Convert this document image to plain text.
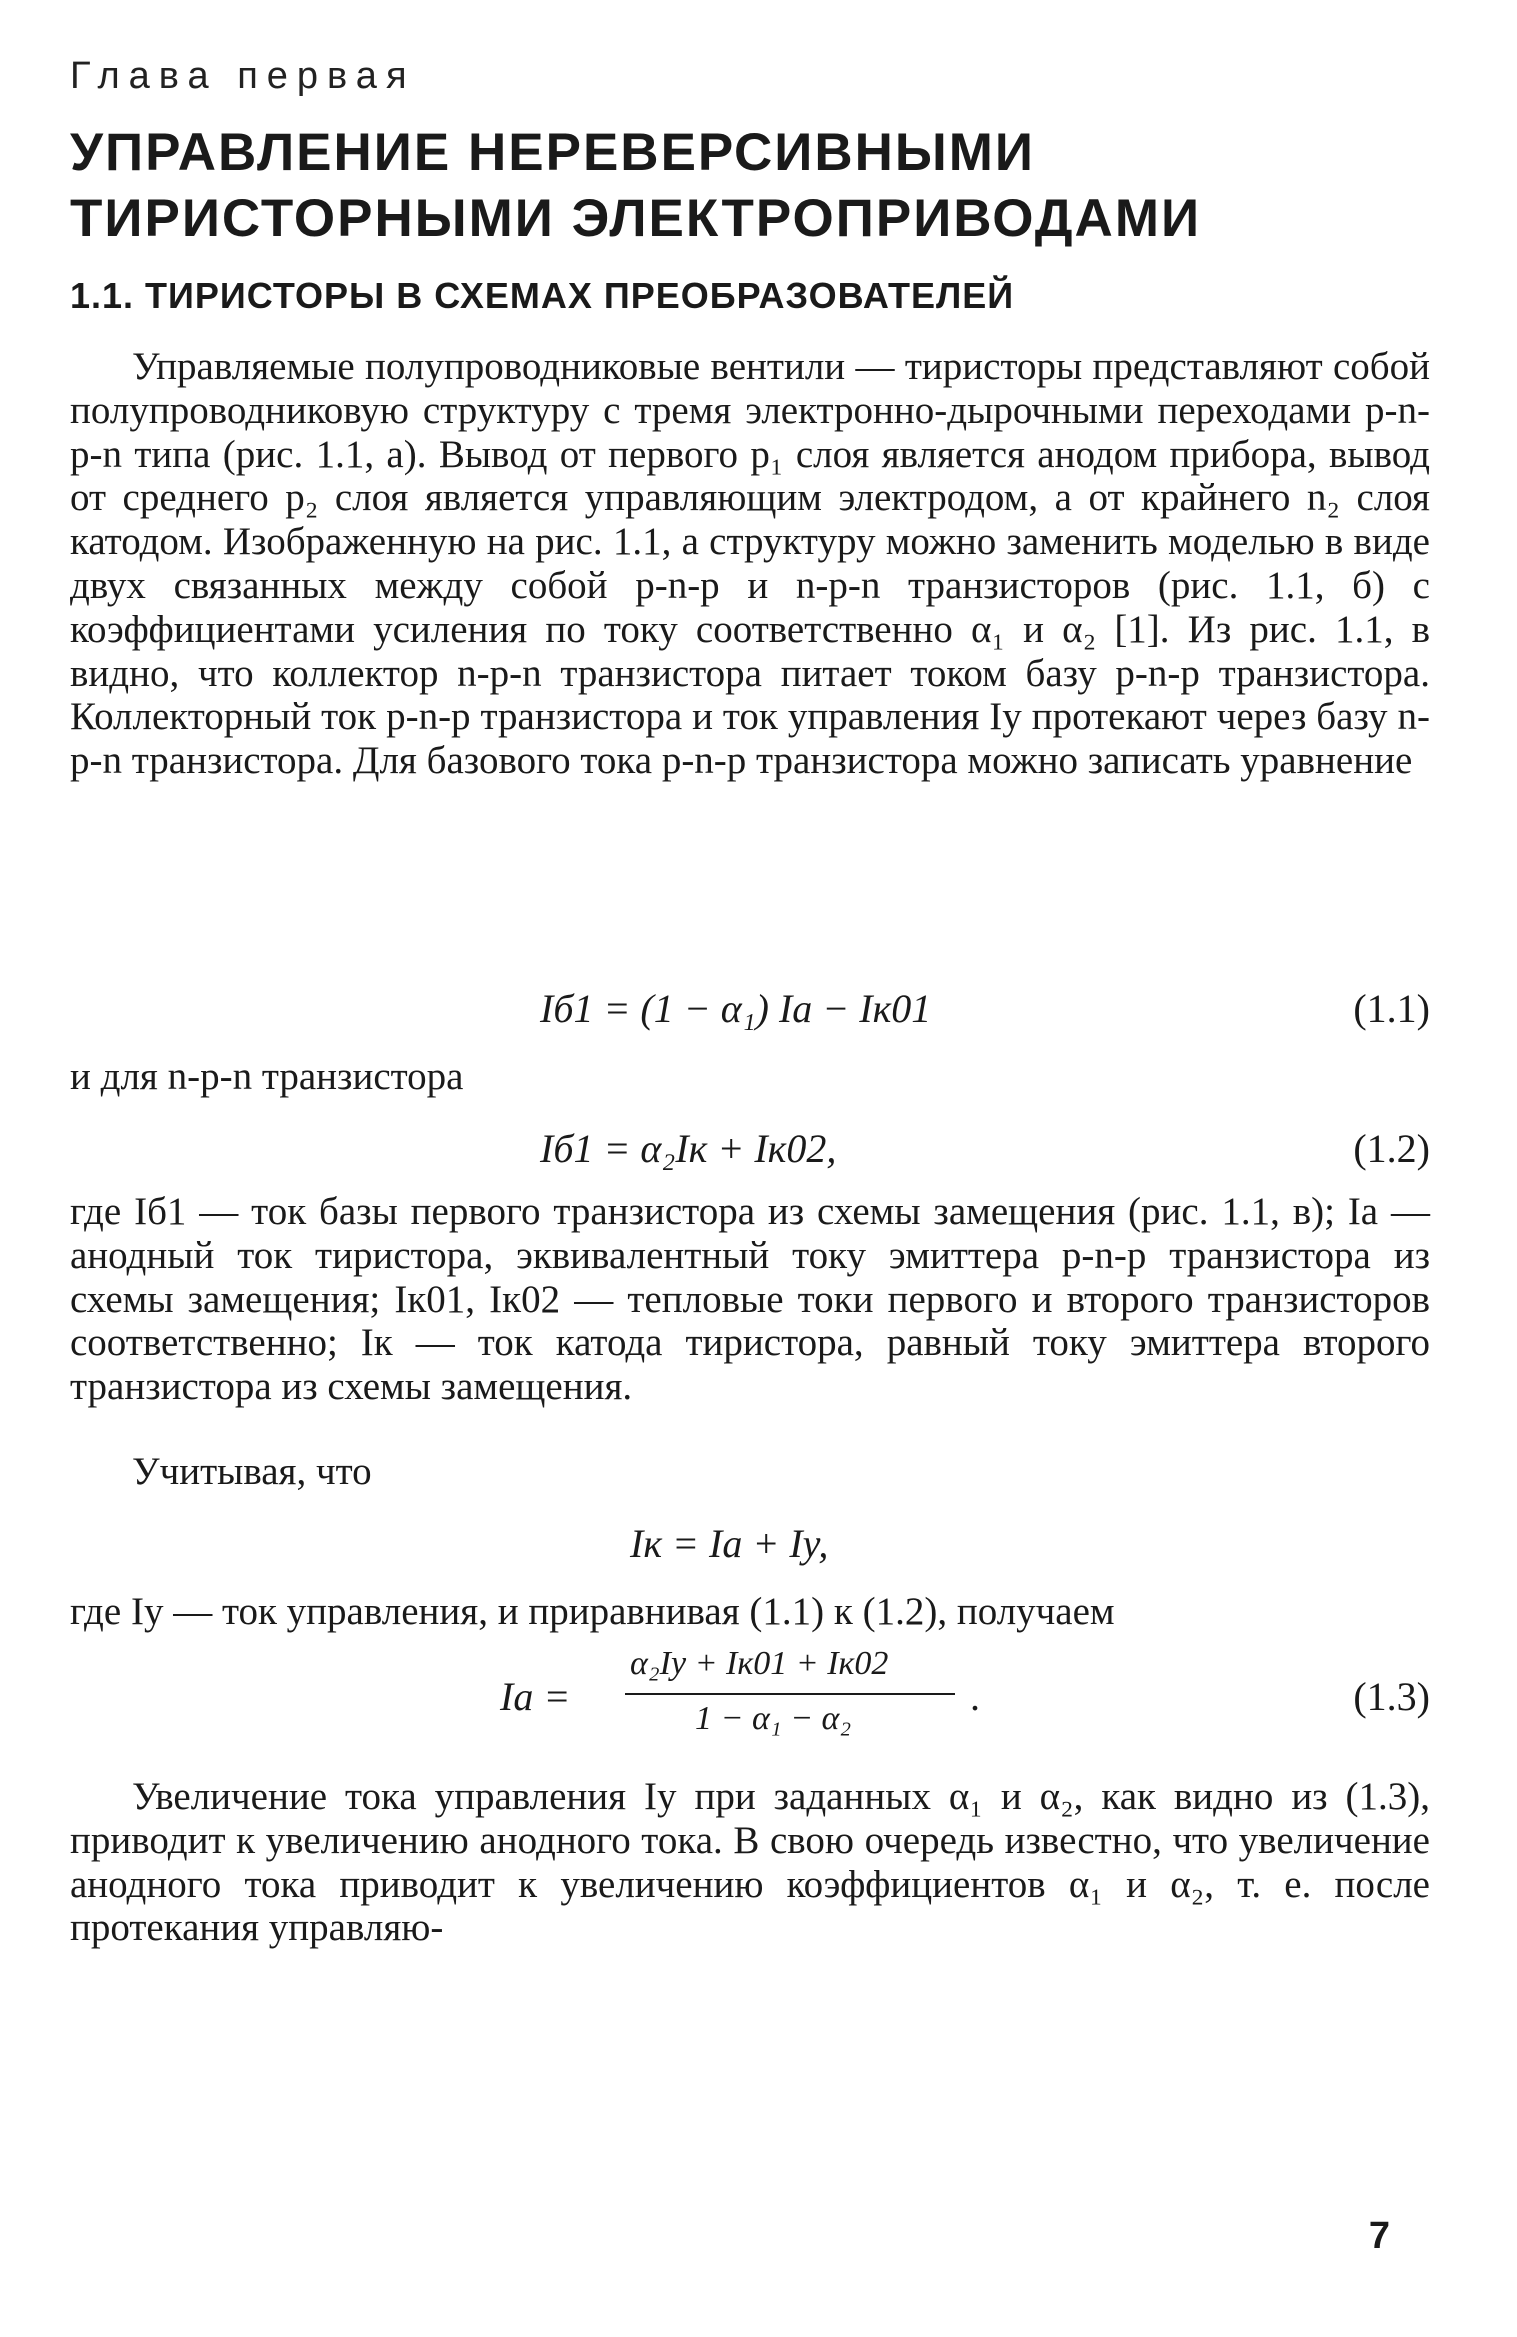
Глава первая
УПРАВЛЕНИЕ НЕРЕВЕРСИВНЫМИ ТИРИСТОРНЫМИ ЭЛЕКТРОПРИВОДАМИ
1.1. ТИРИСТОРЫ В СХЕМАХ ПРЕОБРАЗОВАТЕЛЕЙ

Управляемые полупроводниковые вентили — тиристоры представляют собой полупроводниковую структуру с тремя электронно-дырочными переходами p-n-p-n типа (рис. 1.1, а). Вывод от первого p₁ слоя является анодом прибора, вывод от среднего p₂ слоя является управляющим электродом, а от крайнего n₂ слоя катодом. Изображенную на рис. 1.1, а структуру можно заменить моделью в виде двух связанных между собой p-n-p и n-p-n транзисторов (рис. 1.1, б) с коэффициентами усиления по току соответственно α₁ и α₂ [1]. Из рис. 1.1, в видно, что коллектор n-p-n транзистора питает током базу p-n-p транзистора. Коллекторный ток p-n-p транзистора и ток управления Iу протекают через базу n-p-n транзистора. Для базового тока p-n-p транзистора можно записать уравнение

Iб1 = (1 − α₁) Iа − Iк01	(1.1)

и для n-p-n транзистора

Iб1 = α₂Iк + Iк02,	(1.2)

где Iб1 — ток базы первого транзистора из схемы замещения (рис. 1.1, в); Iа — анодный ток тиристора, эквивалентный току эмиттера p-n-p транзистора из схемы замещения; Iк01, Iк02 — тепловые токи первого и второго транзисторов соответственно; Iк — ток катода тиристора, равный току эмиттера второго транзистора из схемы замещения.

Учитывая, что

Iк = Iа + Iу,

где Iу — ток управления, и приравнивая (1.1) к (1.2), получаем

Iа =
α₂Iу + Iк01 + Iк02
1 − α₁ − α₂	.	(1.3)

Увеличение тока управления Iу при заданных α₁ и α₂, как видно из (1.3), приводит к увеличению анодного тока. В свою очередь известно, что увеличение анодного тока приводит к увеличению коэффициентов α₁ и α₂, т. е. после протекания управляю-

7
